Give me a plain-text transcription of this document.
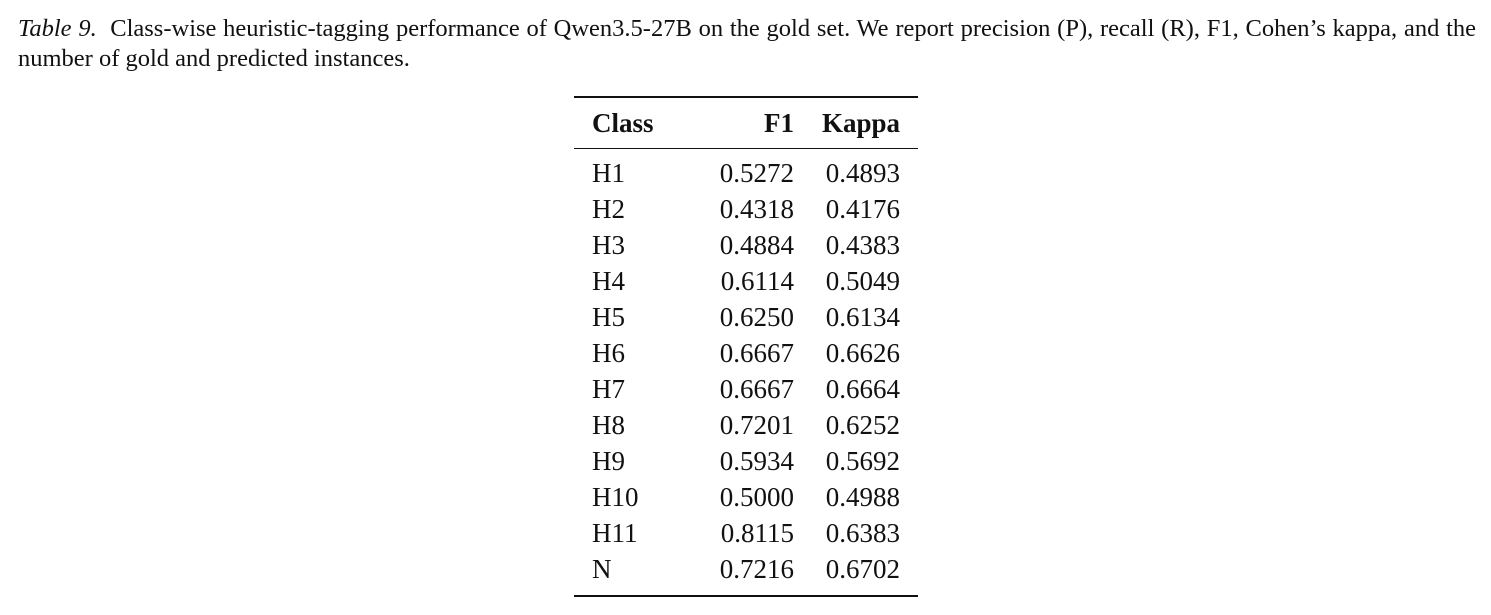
Table 9. Class-wise heuristic-tagging performance of Qwen3.5-27B on the gold set. We report precision (P), recall (R), F1, Cohen’s kappa, and the number of gold and predicted instances.
Class	F1	Kappa
H1	0.5272	0.4893
H2	0.4318	0.4176
H3	0.4884	0.4383
H4	0.6114	0.5049
H5	0.6250	0.6134
H6	0.6667	0.6626
H7	0.6667	0.6664
H8	0.7201	0.6252
H9	0.5934	0.5692
H10	0.5000	0.4988
H11	0.8115	0.6383
N	0.7216	0.6702
